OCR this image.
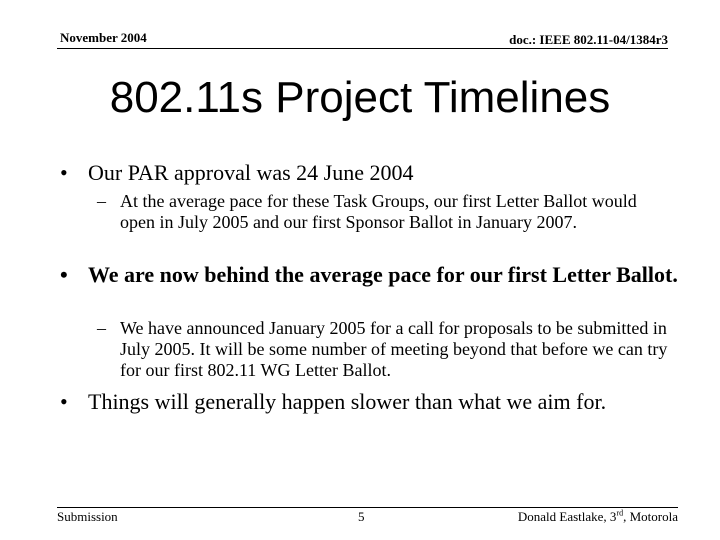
November 2004	doc.: IEEE 802.11-04/1384r3
802.11s Project Timelines
• Our PAR approval was 24 June 2004
– At the average pace for these Task Groups, our first Letter Ballot would open in July 2005 and our first Sponsor Ballot in January 2007.
• We are now behind the average pace for our first Letter Ballot.
– We have announced January 2005 for a call for proposals to be submitted in July 2005. It will be some number of meeting beyond that before we can try for our first 802.11 WG Letter Ballot.
• Things will generally happen slower than what we aim for.
Submission	5	Donald Eastlake, 3rd, Motorola
